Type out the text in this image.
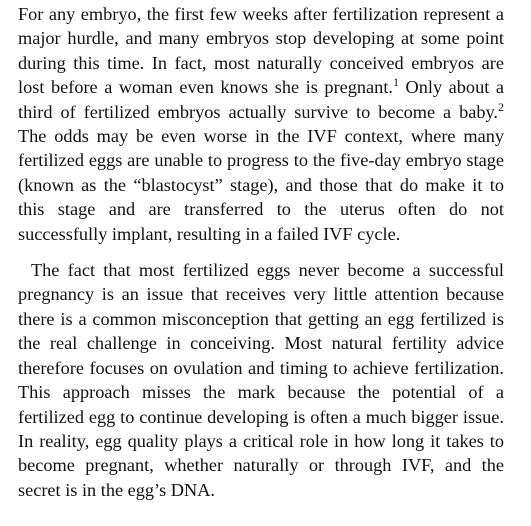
For any embryo, the first few weeks after fertilization represent a major hurdle, and many embryos stop developing at some point during this time. In fact, most naturally conceived embryos are lost before a woman even knows she is pregnant.$^1$ Only about a third of fertilized embryos actually survive to become a baby.$^2$ The odds may be even worse in the IVF context, where many fertilized eggs are unable to progress to the five-day embryo stage (known as the “blastocyst” stage), and those that do make it to this stage and are transferred to the uterus often do not successfully implant, resulting in a failed IVF cycle.

The fact that most fertilized eggs never become a successful pregnancy is an issue that receives very little attention because there is a common misconception that getting an egg fertilized is the real challenge in conceiving. Most natural fertility advice therefore focuses on ovulation and timing to achieve fertilization. This approach misses the mark because the potential of a fertilized egg to continue developing is often a much bigger issue. In reality, egg quality plays a critical role in how long it takes to become pregnant, whether naturally or through IVF, and the secret is in the egg’s DNA.
